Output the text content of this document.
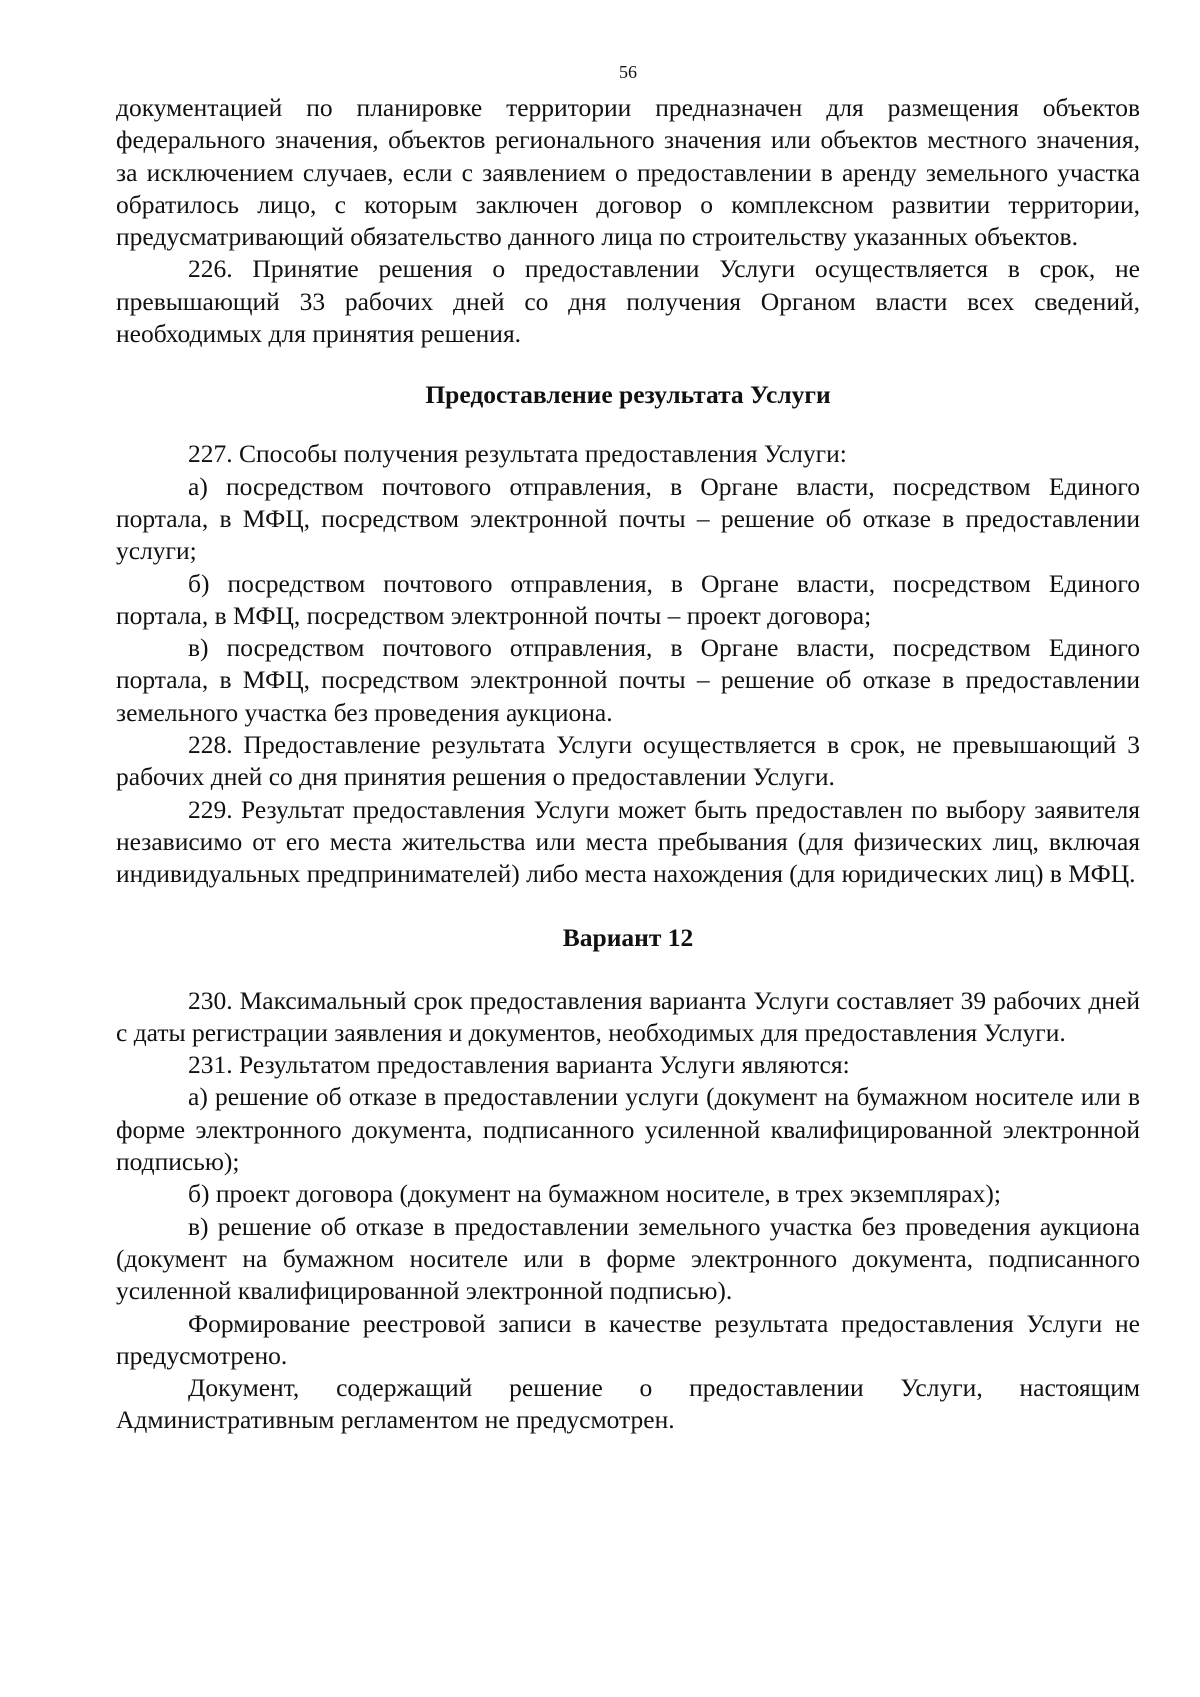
56

документацией по планировке территории предназначен для размещения объектов федерального значения, объектов регионального значения или объектов местного значения, за исключением случаев, если с заявлением о предоставлении в аренду земельного участка обратилось лицо, с которым заключен договор о комплексном развитии территории, предусматривающий обязательство данного лица по строительству указанных объектов.

226. Принятие решения о предоставлении Услуги осуществляется в срок, не превышающий 33 рабочих дней со дня получения Органом власти всех сведений, необходимых для принятия решения.

Предоставление результата Услуги

227. Способы получения результата предоставления Услуги:

а) посредством почтового отправления, в Органе власти, посредством Единого портала, в МФЦ, посредством электронной почты – решение об отказе в предоставлении услуги;

б) посредством почтового отправления, в Органе власти, посредством Единого портала, в МФЦ, посредством электронной почты – проект договора;

в) посредством почтового отправления, в Органе власти, посредством Единого портала, в МФЦ, посредством электронной почты – решение об отказе в предоставлении земельного участка без проведения аукциона.

228. Предоставление результата Услуги осуществляется в срок, не превышающий 3 рабочих дней со дня принятия решения о предоставлении Услуги.

229. Результат предоставления Услуги может быть предоставлен по выбору заявителя независимо от его места жительства или места пребывания (для физических лиц, включая индивидуальных предпринимателей) либо места нахождения (для юридических лиц) в МФЦ.

Вариант 12

230. Максимальный срок предоставления варианта Услуги составляет 39 рабочих дней с даты регистрации заявления и документов, необходимых для предоставления Услуги.

231. Результатом предоставления варианта Услуги являются:

а) решение об отказе в предоставлении услуги (документ на бумажном носителе или в форме электронного документа, подписанного усиленной квалифицированной электронной подписью);

б) проект договора (документ на бумажном носителе, в трех экземплярах);

в) решение об отказе в предоставлении земельного участка без проведения аукциона (документ на бумажном носителе или в форме электронного документа, подписанного усиленной квалифицированной электронной подписью).

Формирование реестровой записи в качестве результата предоставления Услуги не предусмотрено.

Документ, содержащий решение о предоставлении Услуги, настоящим Административным регламентом не предусмотрен.
